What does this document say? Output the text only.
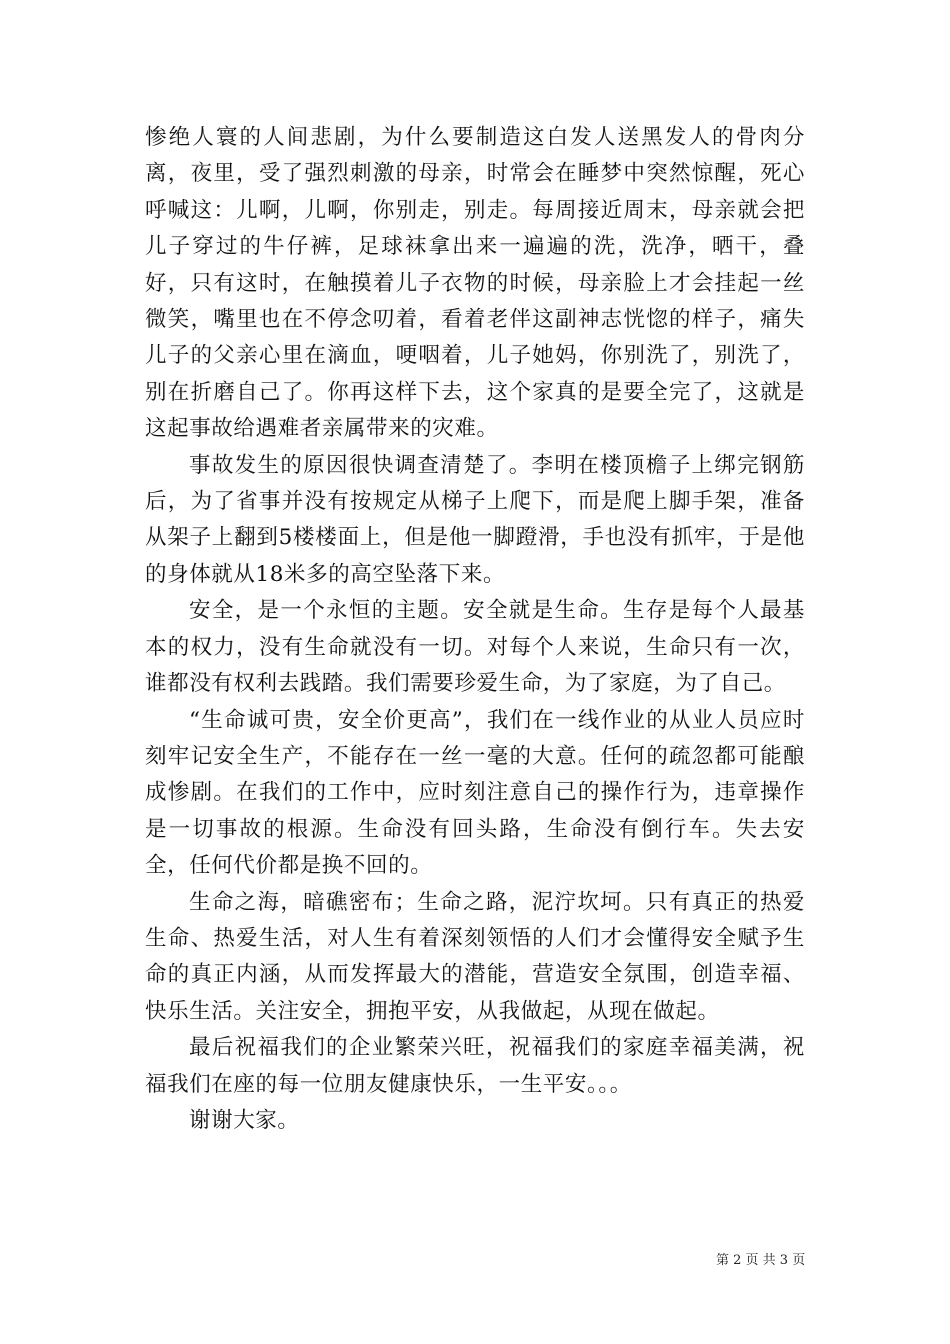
惨绝人寰的人间悲剧，为什么要制造这白发人送黑发人的骨肉分离，夜里，受了强烈刺激的母亲，时常会在睡梦中突然惊醒，死心呼喊这：儿啊，儿啊，你别走，别走。每周接近周末，母亲就会把儿子穿过的牛仔裤，足球袜拿出来一遍遍的洗，洗净，晒干，叠好，只有这时，在触摸着儿子衣物的时候，母亲脸上才会挂起一丝微笑，嘴里也在不停念叨着，看着老伴这副神志恍惚的样子，痛失儿子的父亲心里在滴血，哽咽着，儿子她妈，你别洗了，别洗了，别在折磨自己了。你再这样下去，这个家真的是要全完了，这就是这起事故给遇难者亲属带来的灾难。

事故发生的原因很快调查清楚了。李明在楼顶檐子上绑完钢筋后，为了省事并没有按规定从梯子上爬下，而是爬上脚手架，准备从架子上翻到5楼楼面上，但是他一脚蹬滑，手也没有抓牢，于是他的身体就从18米多的高空坠落下来。

安全，是一个永恒的主题。安全就是生命。生存是每个人最基本的权力，没有生命就没有一切。对每个人来说，生命只有一次，谁都没有权利去践踏。我们需要珍爱生命，为了家庭，为了自己。

“生命诚可贵，安全价更高”，我们在一线作业的从业人员应时刻牢记安全生产，不能存在一丝一毫的大意。任何的疏忽都可能酿成惨剧。在我们的工作中，应时刻注意自己的操作行为，违章操作是一切事故的根源。生命没有回头路，生命没有倒行车。失去安全，任何代价都是换不回的。

生命之海，暗礁密布；生命之路，泥泞坎坷。只有真正的热爱生命、热爱生活，对人生有着深刻领悟的人们才会懂得安全赋予生命的真正内涵，从而发挥最大的潜能，营造安全氛围，创造幸福、快乐生活。关注安全，拥抱平安，从我做起，从现在做起。

最后祝福我们的企业繁荣兴旺，祝福我们的家庭幸福美满，祝福我们在座的每一位朋友健康快乐，一生平安。。。

谢谢大家。

第 2 页 共 3 页
